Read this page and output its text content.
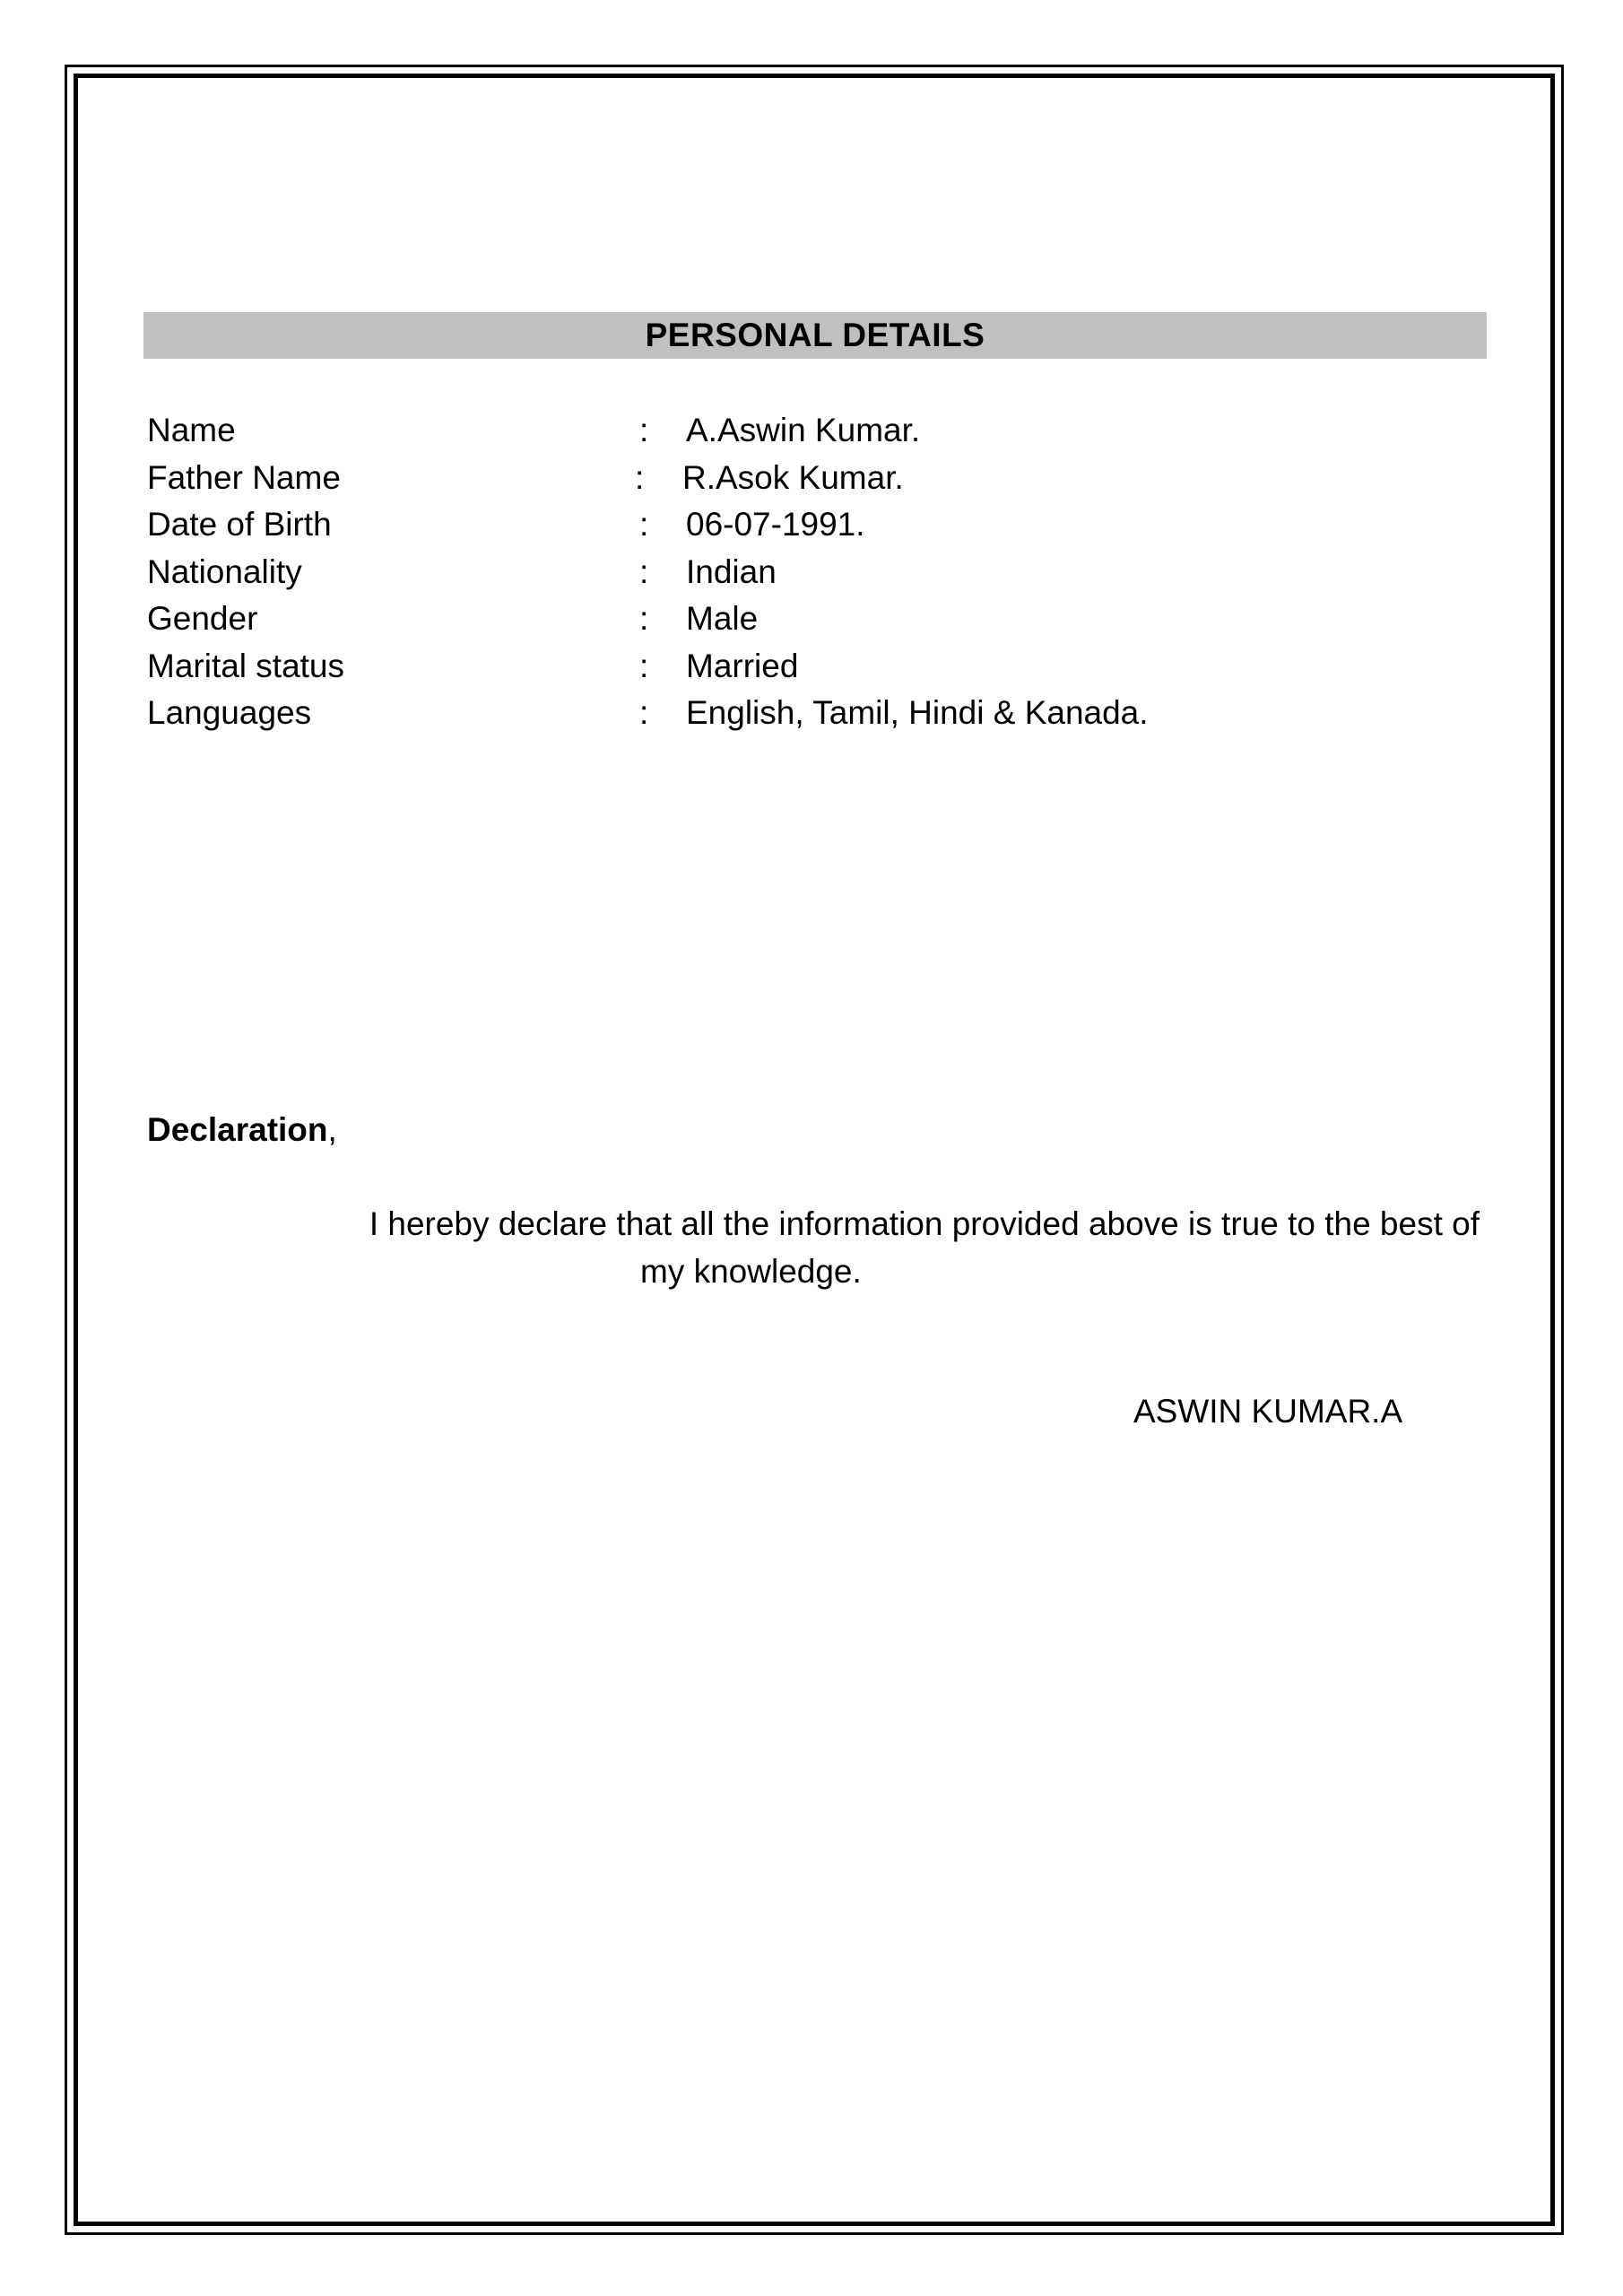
PERSONAL DETAILS
Name	: A.Aswin Kumar.
Father Name	: R.Asok Kumar.
Date of Birth	: 06-07-1991.
Nationality	: Indian
Gender	: Male
Marital status	: Married
Languages	: English, Tamil, Hindi & Kanada.
Declaration,
I hereby declare that all the information provided above is true to the best of
my knowledge.
ASWIN KUMAR.A
